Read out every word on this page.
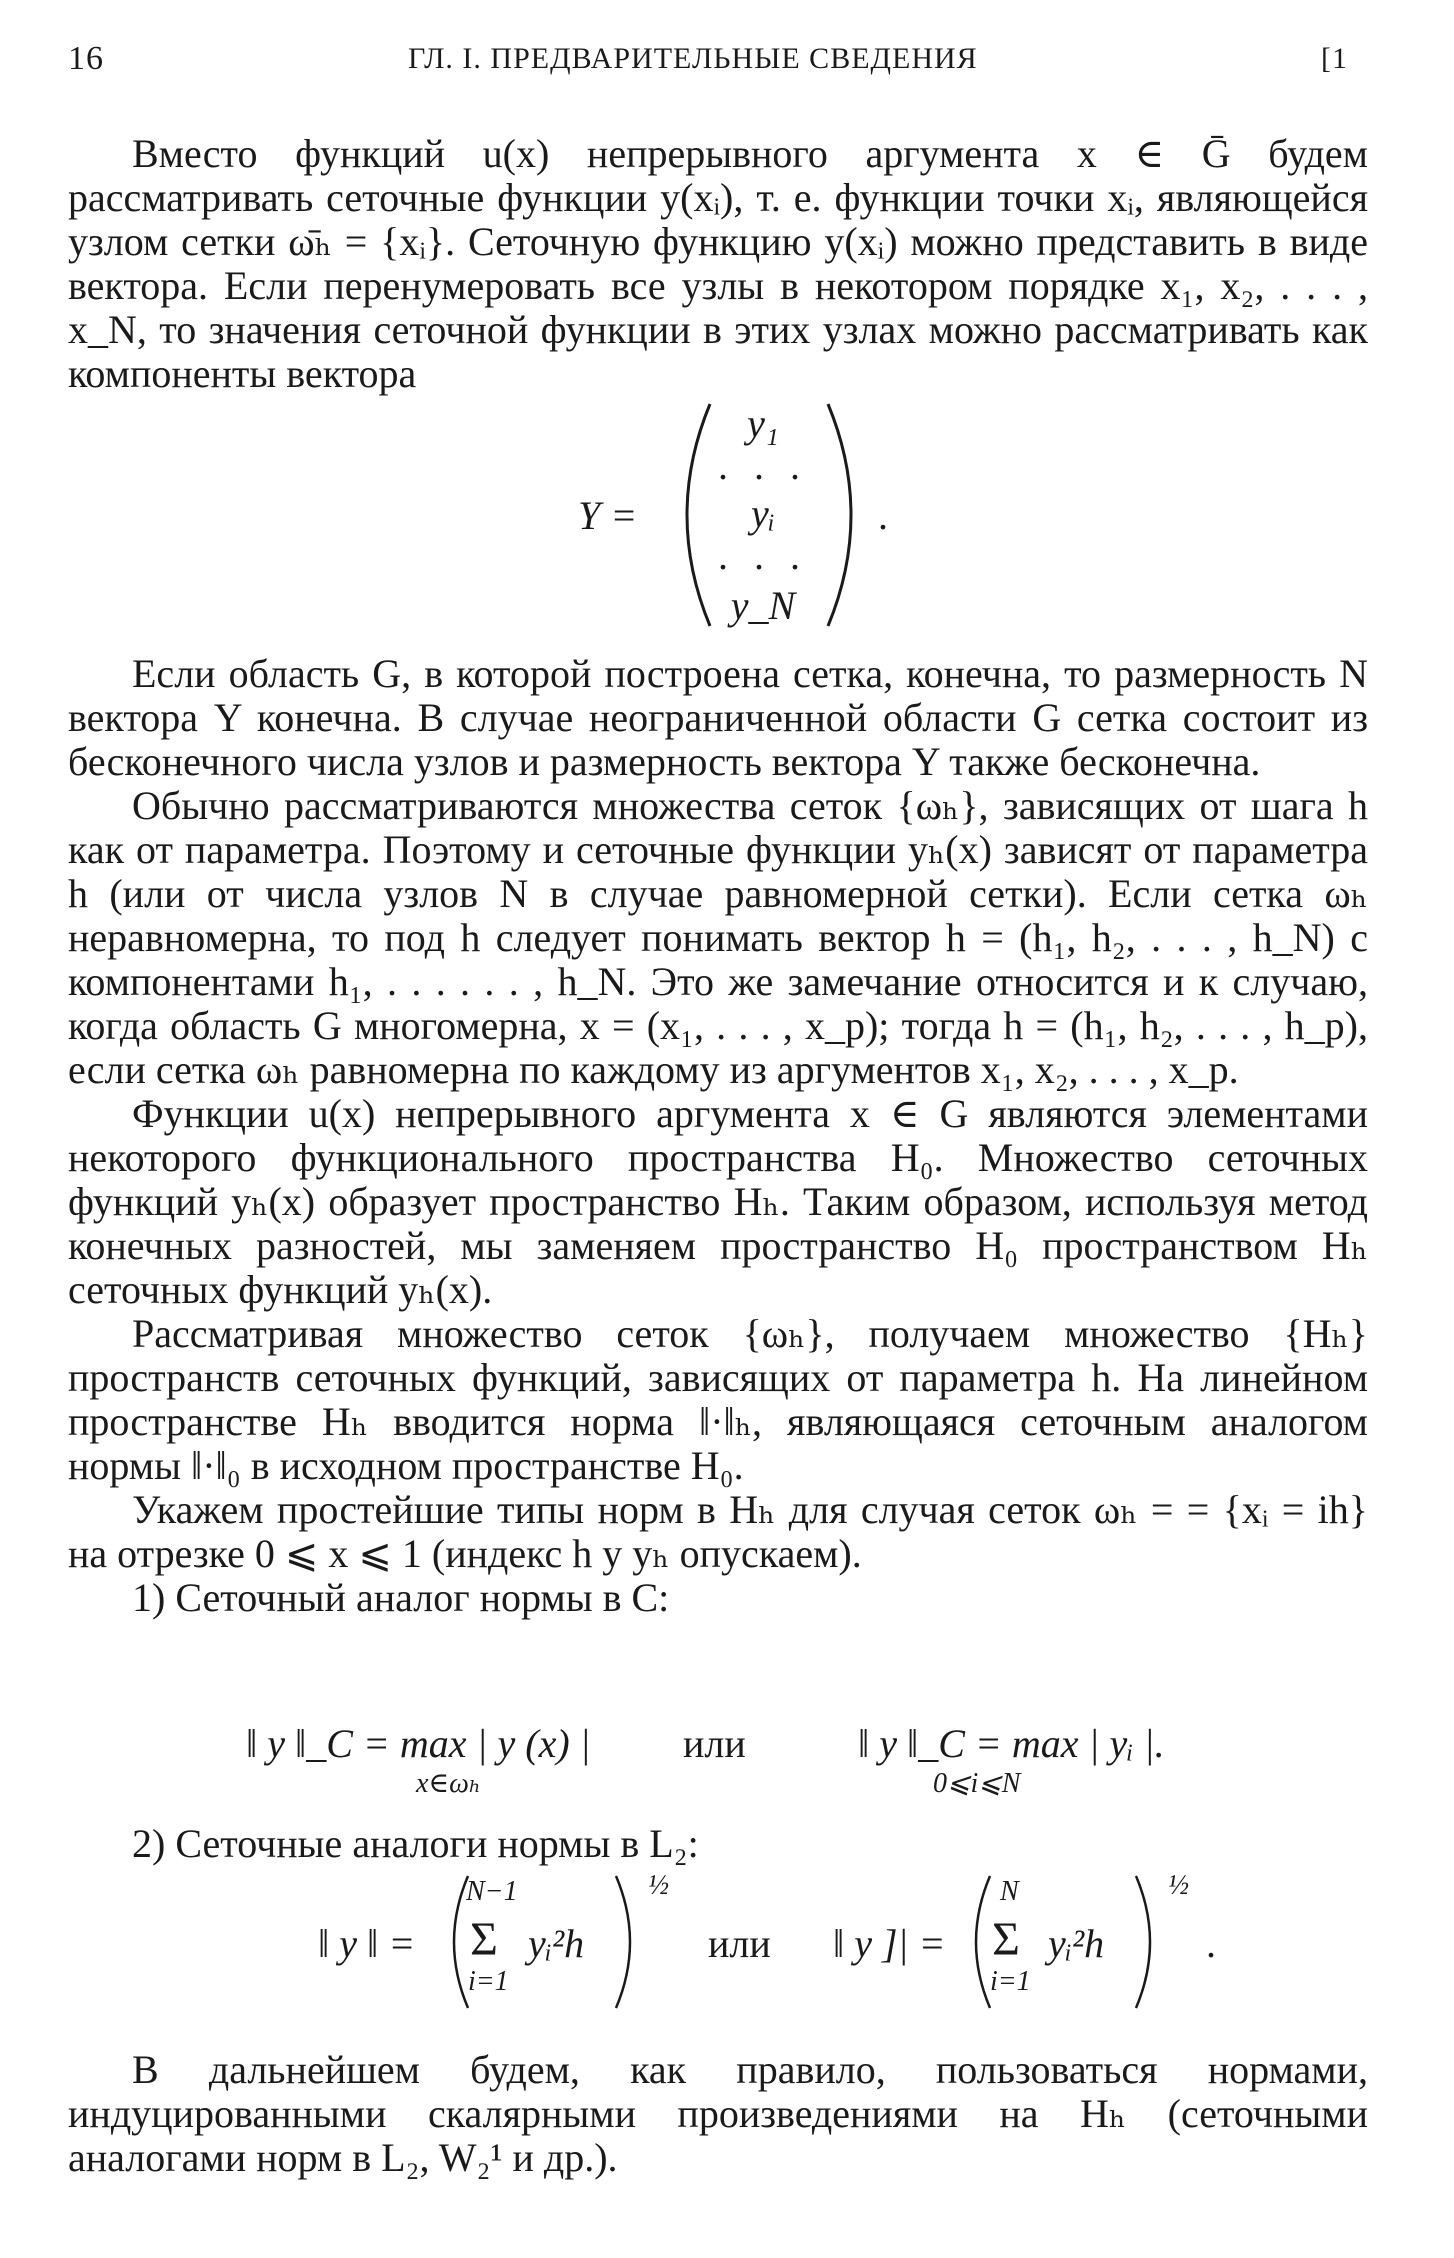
16	ГЛ. I. ПРЕДВАРИТЕЛЬНЫЕ СВЕДЕНИЯ	[1

Вместо функций u(x) непрерывного аргумента x ∈ Ḡ будем рассматривать сеточные функции y(xᵢ), т. е. функции точки xᵢ, являющейся узлом сетки ω̄ₕ = {xᵢ}. Сеточную функцию y(xᵢ) можно представить в виде вектора. Если перенумеровать все узлы в некотором порядке x₁, x₂, . . . , x_N, то значения сеточной функции в этих узлах можно рассматривать как компоненты вектора

Y =
y₁
. . .
yᵢ
. . .
y_N
.

Если область G, в которой построена сетка, конечна, то размерность N вектора Y конечна. В случае неограниченной области G сетка состоит из бесконечного числа узлов и размерность вектора Y также бесконечна.

Обычно рассматриваются множества сеток {ωₕ}, зависящих от шага h как от параметра. Поэтому и сеточные функции yₕ(x) зависят от параметра h (или от числа узлов N в случае равномерной сетки). Если сетка ωₕ неравномерна, то под h следует понимать вектор h = (h₁, h₂, . . . , h_N) с компонентами h₁, . . . . . . , h_N. Это же замечание относится и к случаю, когда область G многомерна, x = (x₁, . . . , x_p); тогда h = (h₁, h₂, . . . , h_p), если сетка ωₕ равномерна по каждому из аргументов x₁, x₂, . . . , x_p.

Функции u(x) непрерывного аргумента x ∈ G являются элементами некоторого функционального пространства H₀. Множество сеточных функций yₕ(x) образует пространство Hₕ. Таким образом, используя метод конечных разностей, мы заменяем пространство H₀ пространством Hₕ сеточных функций yₕ(x).

Рассматривая множество сеток {ωₕ}, получаем множество {Hₕ} пространств сеточных функций, зависящих от параметра h. На линейном пространстве Hₕ вводится норма ‖·‖ₕ, являющаяся сеточным аналогом нормы ‖·‖₀ в исходном пространстве H₀.

Укажем простейшие типы норм в Hₕ для случая сеток ωₕ = = {xᵢ = ih} на отрезке 0 ⩽ x ⩽ 1 (индекс h у yₕ опускаем).

1) Сеточный аналог нормы в C:

‖ y ‖_C = max | y (x) |
x∈ωₕ
или	‖ y ‖_C = max | yᵢ |.
0⩽i⩽N

2) Сеточные аналоги нормы в L₂:

‖ y ‖ =
N−1
Σ
i=1
yᵢ²h
½
или ‖ y ]| =
N
Σ
i=1
yᵢ²h
½
.

В дальнейшем будем, как правило, пользоваться нормами, индуцированными скалярными произведениями на Hₕ (сеточными аналогами норм в L₂, W₂¹ и др.).
